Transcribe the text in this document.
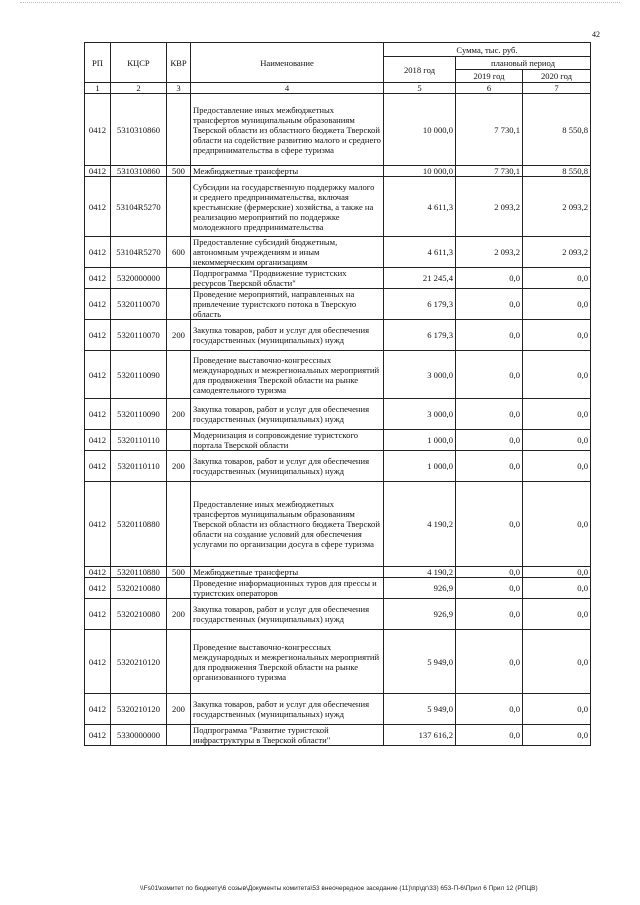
42
РП	КЦСР	КВР	Наименование	Сумма, тыс. руб.		
				2018 год	плановый период	
					2019 год	2020 год
1	2	3	4	5	6	7
0412	5310310860		Предоставление иных межбюджетных трансфертов муниципальным образованиям Тверской области из областного бюджета Тверской области на содействие развитию малого и среднего предпринимательства в сфере туризма	10 000,0	7 730,1	8 550,8
0412	5310310860	500	Межбюджетные трансферты	10 000,0	7 730,1	8 550,8
0412	53104R5270		Субсидии на государственную поддержку малого и среднего предпринимательства, включая крестьянские (фермерские) хозяйства, а также на реализацию мероприятий по поддержке молодежного предпринимательства	4 611,3	2 093,2	2 093,2
0412	53104R5270	600	Предоставление субсидий бюджетным, автономным учреждениям и иным некоммерческим организациям	4 611,3	2 093,2	2 093,2
0412	5320000000		Подпрограмма "Продвижение туристских ресурсов Тверской области"	21 245,4	0,0	0,0
0412	5320110070		Проведение мероприятий, направленных на привлечение туристского потока в Тверскую область	6 179,3	0,0	0,0
0412	5320110070	200	Закупка товаров, работ и услуг для обеспечения государственных (муниципальных) нужд	6 179,3	0,0	0,0
0412	5320110090		Проведение выставочно-конгрессных международных и межрегиональных мероприятий для продвижения Тверской области на рынке самодеятельного туризма	3 000,0	0,0	0,0
0412	5320110090	200	Закупка товаров, работ и услуг для обеспечения государственных (муниципальных) нужд	3 000,0	0,0	0,0
0412	5320110110		Модернизация и сопровождение туристского портала Тверской области	1 000,0	0,0	0,0
0412	5320110110	200	Закупка товаров, работ и услуг для обеспечения государственных (муниципальных) нужд	1 000,0	0,0	0,0
0412	5320110880		Предоставление иных межбюджетных трансфертов муниципальным образованиям Тверской области из областного бюджета Тверской области на создание условий для обеспечения услугами по организации досуга в сфере туризма	4 190,2	0,0	0,0
0412	5320110880	500	Межбюджетные трансферты	4 190,2	0,0	0,0
0412	5320210080		Проведение информационных туров для прессы и туристских операторов	926,9	0,0	0,0
0412	5320210080	200	Закупка товаров, работ и услуг для обеспечения государственных (муниципальных) нужд	926,9	0,0	0,0
0412	5320210120		Проведение выставочно-конгрессных международных и межрегиональных мероприятий для продвижения Тверской области на рынке организованного туризма	5 949,0	0,0	0,0
0412	5320210120	200	Закупка товаров, работ и услуг для обеспечения государственных (муниципальных) нужд	5 949,0	0,0	0,0
0412	5330000000		Подпрограмма "Развитие туристской инфраструктуры в Тверской области"	137 616,2	0,0	0,0
\\Fs01\комитет по бюджету\6 созыв\Документы комитета\53 внеочередное заседание (11)\пр\дг\33) 653-П-6\Прил 6 Прил 12 (РПЦВ)
